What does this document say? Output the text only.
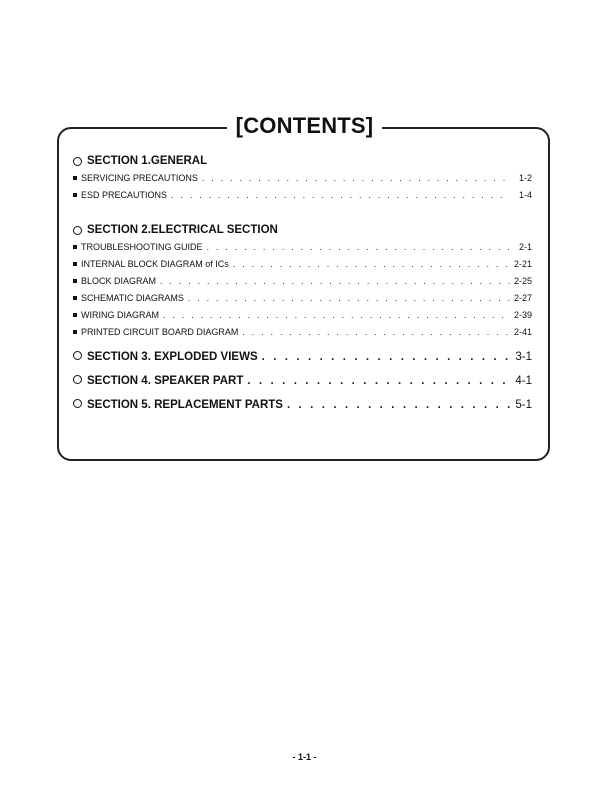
[CONTENTS]
SECTION 1.GENERAL
SERVICING PRECAUTIONS . . .	1-2
ESD PRECAUTIONS . . .	1-4
SECTION 2.ELECTRICAL SECTION
TROUBLESHOOTING GUIDE . . .	2-1
INTERNAL BLOCK DIAGRAM of ICs . . .	2-21
BLOCK DIAGRAM . . .	2-25
SCHEMATIC DIAGRAMS . . .	2-27
WIRING DIAGRAM . . .	2-39
PRINTED CIRCUIT BOARD DIAGRAM . . .	2-41
SECTION 3. EXPLODED VIEWS . . .	3-1
SECTION 4. SPEAKER PART . . .	4-1
SECTION 5. REPLACEMENT PARTS . . .	5-1
- 1-1 -
